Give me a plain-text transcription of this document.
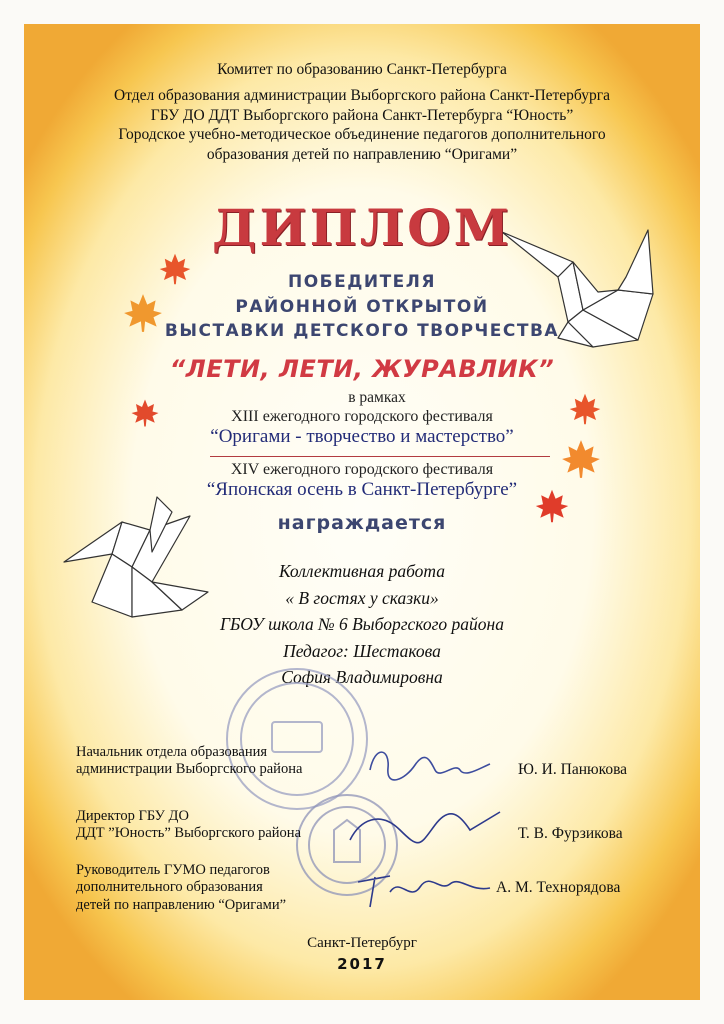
Комитет по образованию Санкт-Петербурга
Отдел образования администрации Выборгского района Санкт-Петербурга
ГБУ ДО ДДТ Выборгского района Санкт-Петербурга “Юность”
Городское учебно-методическое объединение педагогов дополнительного
образования детей по направлению “Оригами”
ДИПЛОМ
ПОБЕДИТЕЛЯ
РАЙОННОЙ ОТКРЫТОЙ
ВЫСТАВКИ ДЕТСКОГО ТВОРЧЕСТВА
“ЛЕТИ, ЛЕТИ, ЖУРАВЛИК”
в рамках
XIII ежегодного городского фестиваля
“Оригами - творчество и мастерство”
XIV ежегодного городского фестиваля
“Японская осень в Санкт-Петербурге”
награждается
Коллективная работа
« В гостях у сказки»
ГБОУ школа № 6 Выборгского района
Педагог: Шестакова
София Владимировна
Начальник отдела образования
администрации Выборгского района	Ю. И. Панюкова
Директор ГБУ ДО
ДДТ ”Юность” Выборгского района	Т. В. Фурзикова
Руководитель ГУМО педагогов
дополнительного образования
детей по направлению “Оригами”
А. М. Технорядова
Санкт-Петербург
2017
